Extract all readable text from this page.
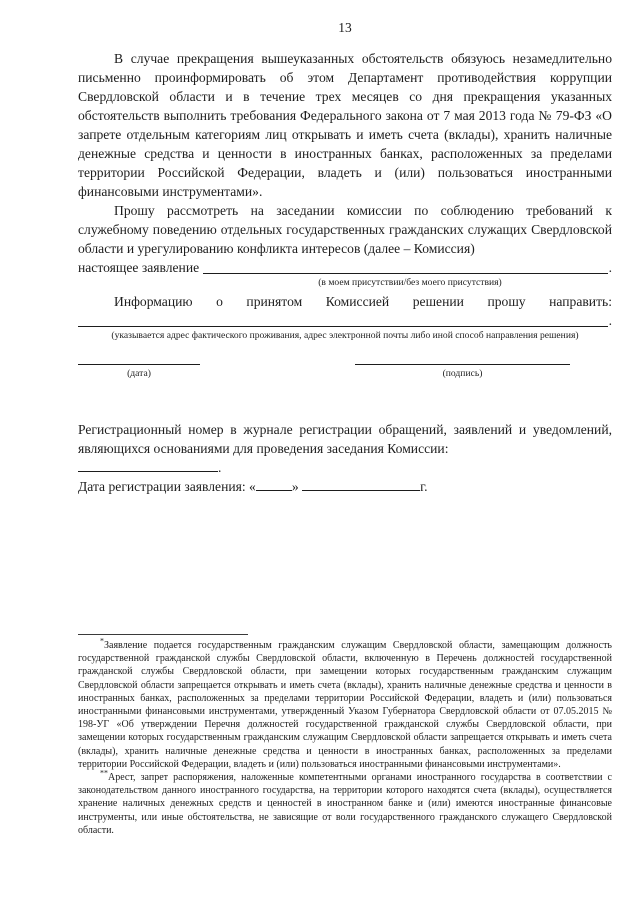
13

В случае прекращения вышеуказанных обстоятельств обязуюсь незамедлительно письменно проинформировать об этом Департамент противодействия коррупции Свердловской области и в течение трех месяцев со дня прекращения указанных обстоятельств выполнить требования Федерального закона от 7 мая 2013 года № 79-ФЗ «О запрете отдельным категориям лиц открывать и иметь счета (вклады), хранить наличные денежные средства и ценности в иностранных банках, расположенных за пределами территории Российской Федерации, владеть и (или) пользоваться иностранными финансовыми инструментами».

Прошу рассмотреть на заседании комиссии по соблюдению требований к служебному поведению отдельных государственных гражданских служащих Свердловской области и урегулированию конфликта интересов (далее – Комиссия)

настоящее заявление	.
(в моем присутствии/без моего присутствия)

Информацию о принятом Комиссией решении прошу направить:

.
(указывается адрес фактического проживания, адрес электронной почты либо иной способ направления решения)
(дата)	(подпись)

Регистрационный номер в журнале регистрации обращений, заявлений и уведомлений, являющихся основаниями для проведения заседания Комиссии:

.
Дата регистрации заявления: «	»	г.

*Заявление подается государственным гражданским служащим Свердловской области, замещающим должность государственной гражданской службы Свердловской области, включенную в Перечень должностей государственной гражданской службы Свердловской области, при замещении которых государственным гражданским служащим Свердловской области запрещается открывать и иметь счета (вклады), хранить наличные денежные средства и ценности в иностранных банках, расположенных за пределами территории Российской Федерации, владеть и (или) пользоваться иностранными финансовыми инструментами, утвержденный Указом Губернатора Свердловской области от 07.05.2015 № 198-УГ «Об утверждении Перечня должностей государственной гражданской службы Свердловской области, при замещении которых государственным гражданским служащим Свердловской области запрещается открывать и иметь счета (вклады), хранить наличные денежные средства и ценности в иностранных банках, расположенных за пределами территории Российской Федерации, владеть и (или) пользоваться иностранными финансовыми инструментами».

**Арест, запрет распоряжения, наложенные компетентными органами иностранного государства в соответствии с законодательством данного иностранного государства, на территории которого находятся счета (вклады), осуществляется хранение наличных денежных средств и ценностей в иностранном банке и (или) имеются иностранные финансовые инструменты, или иные обстоятельства, не зависящие от воли государственного гражданского служащего Свердловской области.
